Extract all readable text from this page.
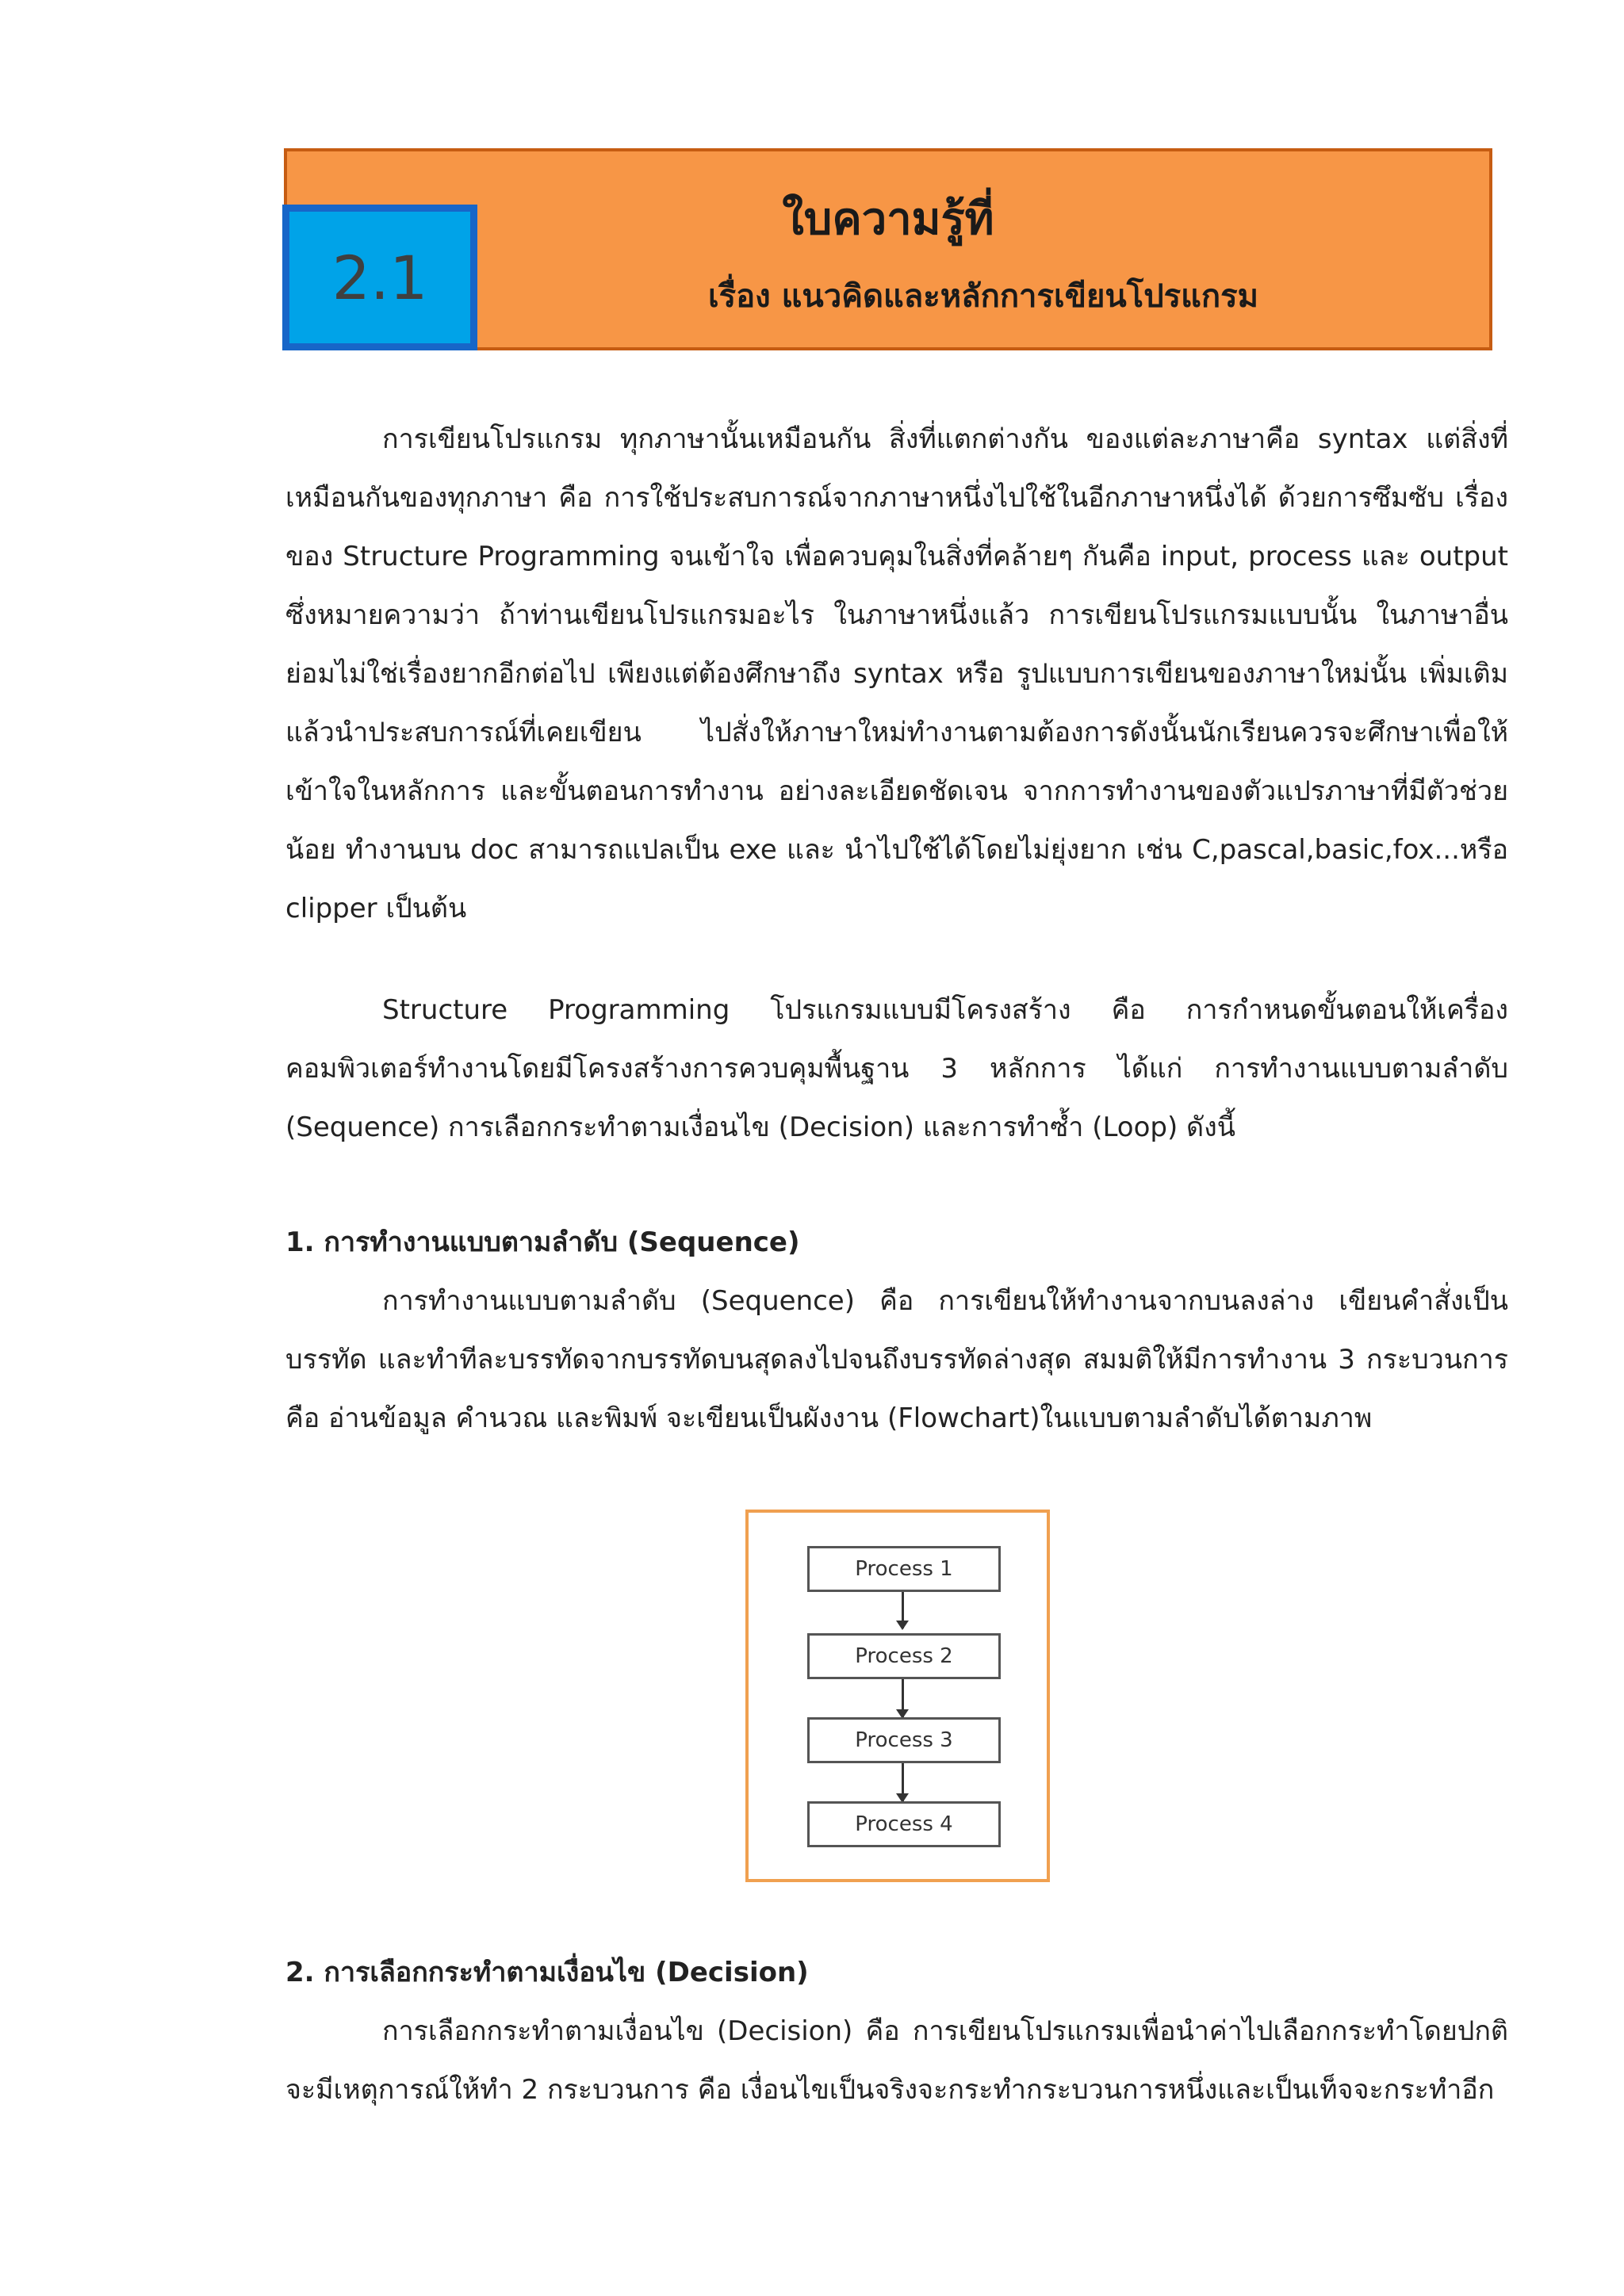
ใบความรู้ที่
เรื่อง แนวคิดและหลักการเขียนโปรแกรม
2.1

การเขียนโปรแกรม ทุกภาษานั้นเหมือนกัน สิ่งที่แตกต่างกัน ของแต่ละภาษาคือ syntax แต่สิ่งที่เหมือนกันของทุกภาษา คือ การใช้ประสบการณ์จากภาษาหนึ่งไปใช้ในอีกภาษาหนึ่งได้ ด้วยการซึมซับ เรื่องของ Structure Programming จนเข้าใจ เพื่อควบคุมในสิ่งที่คล้ายๆ กันคือ input, process และ output ซึ่งหมายความว่า ถ้าท่านเขียนโปรแกรมอะไร ในภาษาหนึ่งแล้ว การเขียนโปรแกรมแบบนั้น ในภาษาอื่นย่อมไม่ใช่เรื่องยากอีกต่อไป เพียงแต่ต้องศึกษาถึง syntax หรือ รูปแบบการเขียนของภาษาใหม่นั้น เพิ่มเติม แล้วนำประสบการณ์ที่เคยเขียน ไปสั่งให้ภาษาใหม่ทำงานตามต้องการดังนั้นนักเรียนควรจะศึกษาเพื่อให้เข้าใจในหลักการ และขั้นตอนการทำงาน อย่างละเอียดชัดเจน จากการทำงานของตัวแปรภาษาที่มีตัวช่วยน้อย ทำงานบน doc สามารถแปลเป็น exe และ นำไปใช้ได้โดยไม่ยุ่งยาก เช่น C,pascal,basic,fox...หรือ clipper เป็นต้น

Structure Programming โปรแกรมแบบมีโครงสร้าง คือ การกำหนดขั้นตอนให้เครื่องคอมพิวเตอร์ทำงานโดยมีโครงสร้างการควบคุมพื้นฐาน 3 หลักการ ได้แก่ การทำงานแบบตามลำดับ (Sequence) การเลือกกระทำตามเงื่อนไข (Decision) และการทำซ้ำ (Loop) ดังนี้

1. การทำงานแบบตามลำดับ (Sequence)

การทำงานแบบตามลำดับ (Sequence) คือ การเขียนให้ทำงานจากบนลงล่าง เขียนคำสั่งเป็นบรรทัด และทำทีละบรรทัดจากบรรทัดบนสุดลงไปจนถึงบรรทัดล่างสุด สมมติให้มีการทำงาน 3 กระบวนการ คือ อ่านข้อมูล คำนวณ และพิมพ์ จะเขียนเป็นผังงาน (Flowchart)ในแบบตามลำดับได้ตามภาพ

Process 1
Process 2
Process 3
Process 4

2. การเลือกกระทำตามเงื่อนไข (Decision)

การเลือกกระทำตามเงื่อนไข (Decision) คือ การเขียนโปรแกรมเพื่อนำค่าไปเลือกกระทำโดยปกติจะมีเหตุการณ์ให้ทำ 2 กระบวนการ คือ เงื่อนไขเป็นจริงจะกระทำกระบวนการหนึ่งและเป็นเท็จจะกระทำอีก
